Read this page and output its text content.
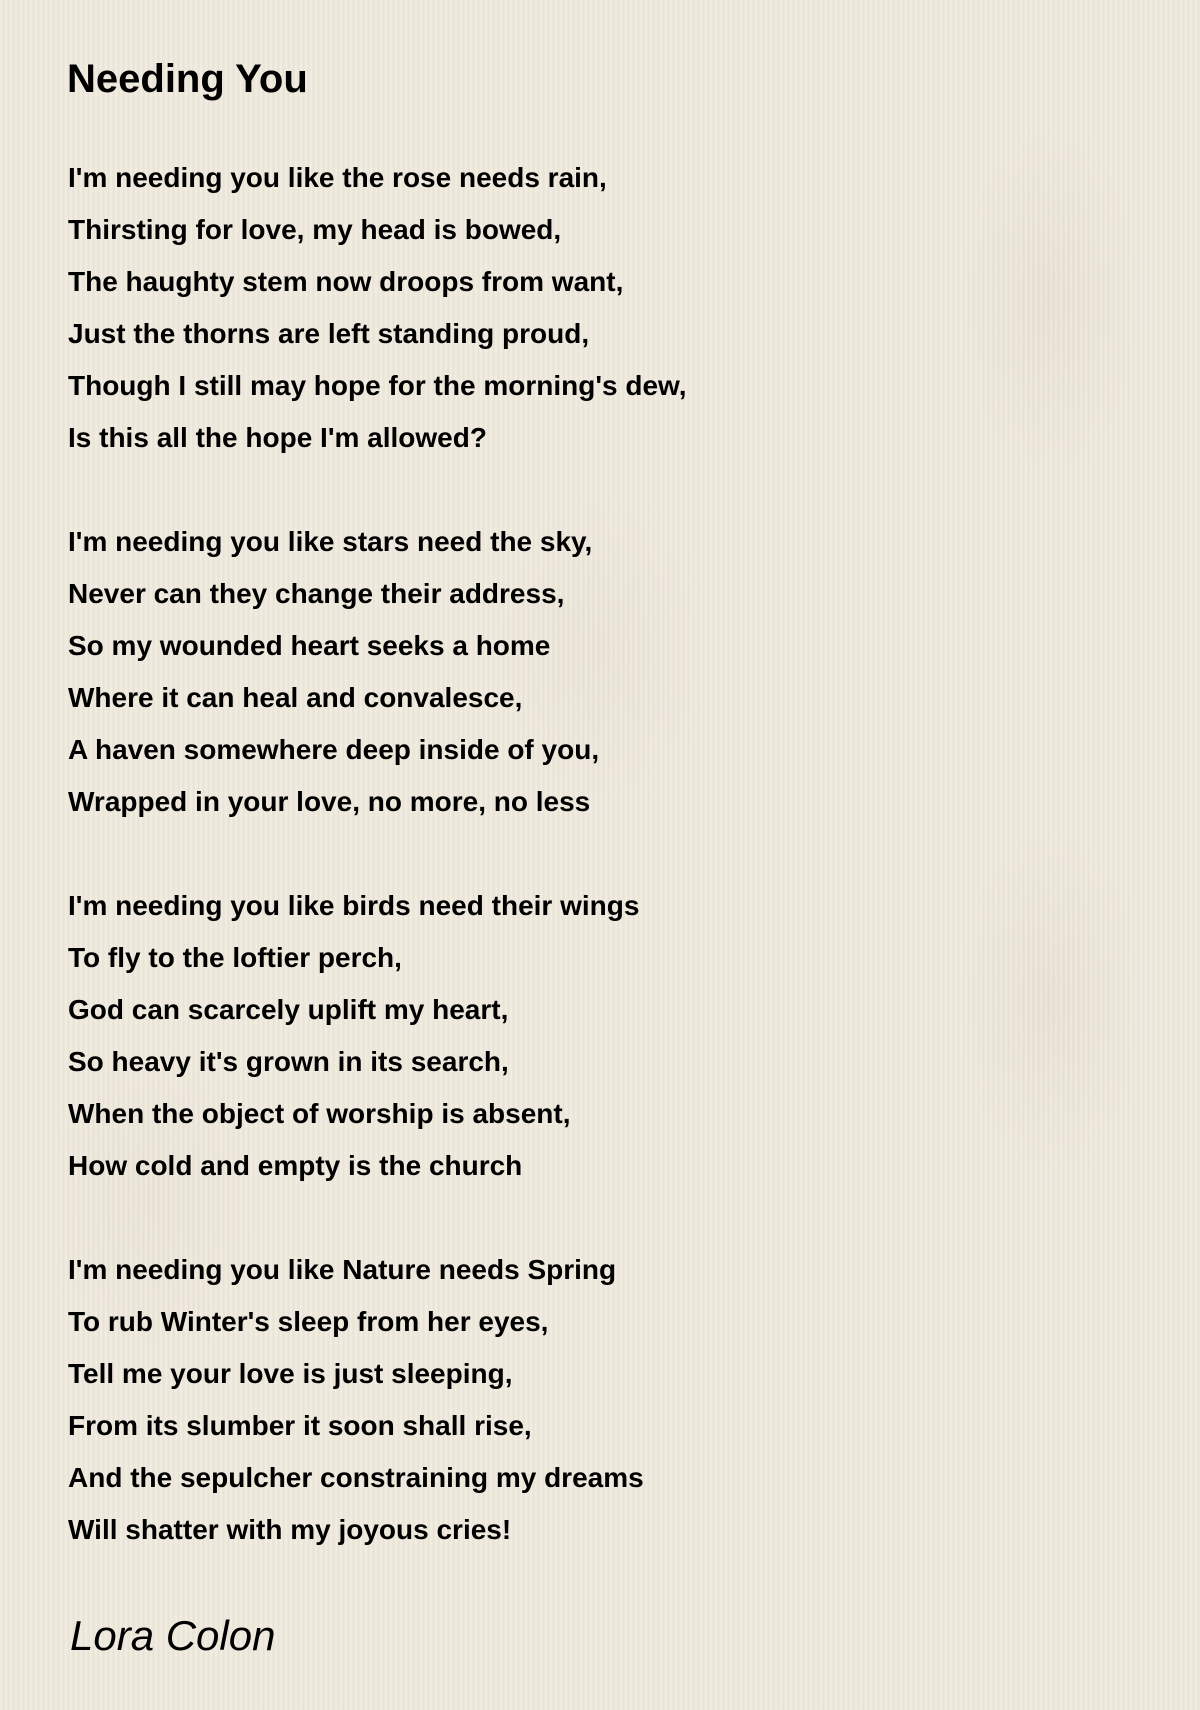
Needing You
I'm needing you like the rose needs rain,
Thirsting for love, my head is bowed,
The haughty stem now droops from want,
Just the thorns are left standing proud,
Though I still may hope for the morning's dew,
Is this all the hope I'm allowed?
I'm needing you like stars need the sky,
Never can they change their address,
So my wounded heart seeks a home
Where it can heal and convalesce,
A haven somewhere deep inside of you,
Wrapped in your love, no more, no less
I'm needing you like birds need their wings
To fly to the loftier perch,
God can scarcely uplift my heart,
So heavy it's grown in its search,
When the object of worship is absent,
How cold and empty is the church
I'm needing you like Nature needs Spring
To rub Winter's sleep from her eyes,
Tell me your love is just sleeping,
From its slumber it soon shall rise,
And the sepulcher constraining my dreams
Will shatter with my joyous cries!
Lora Colon
